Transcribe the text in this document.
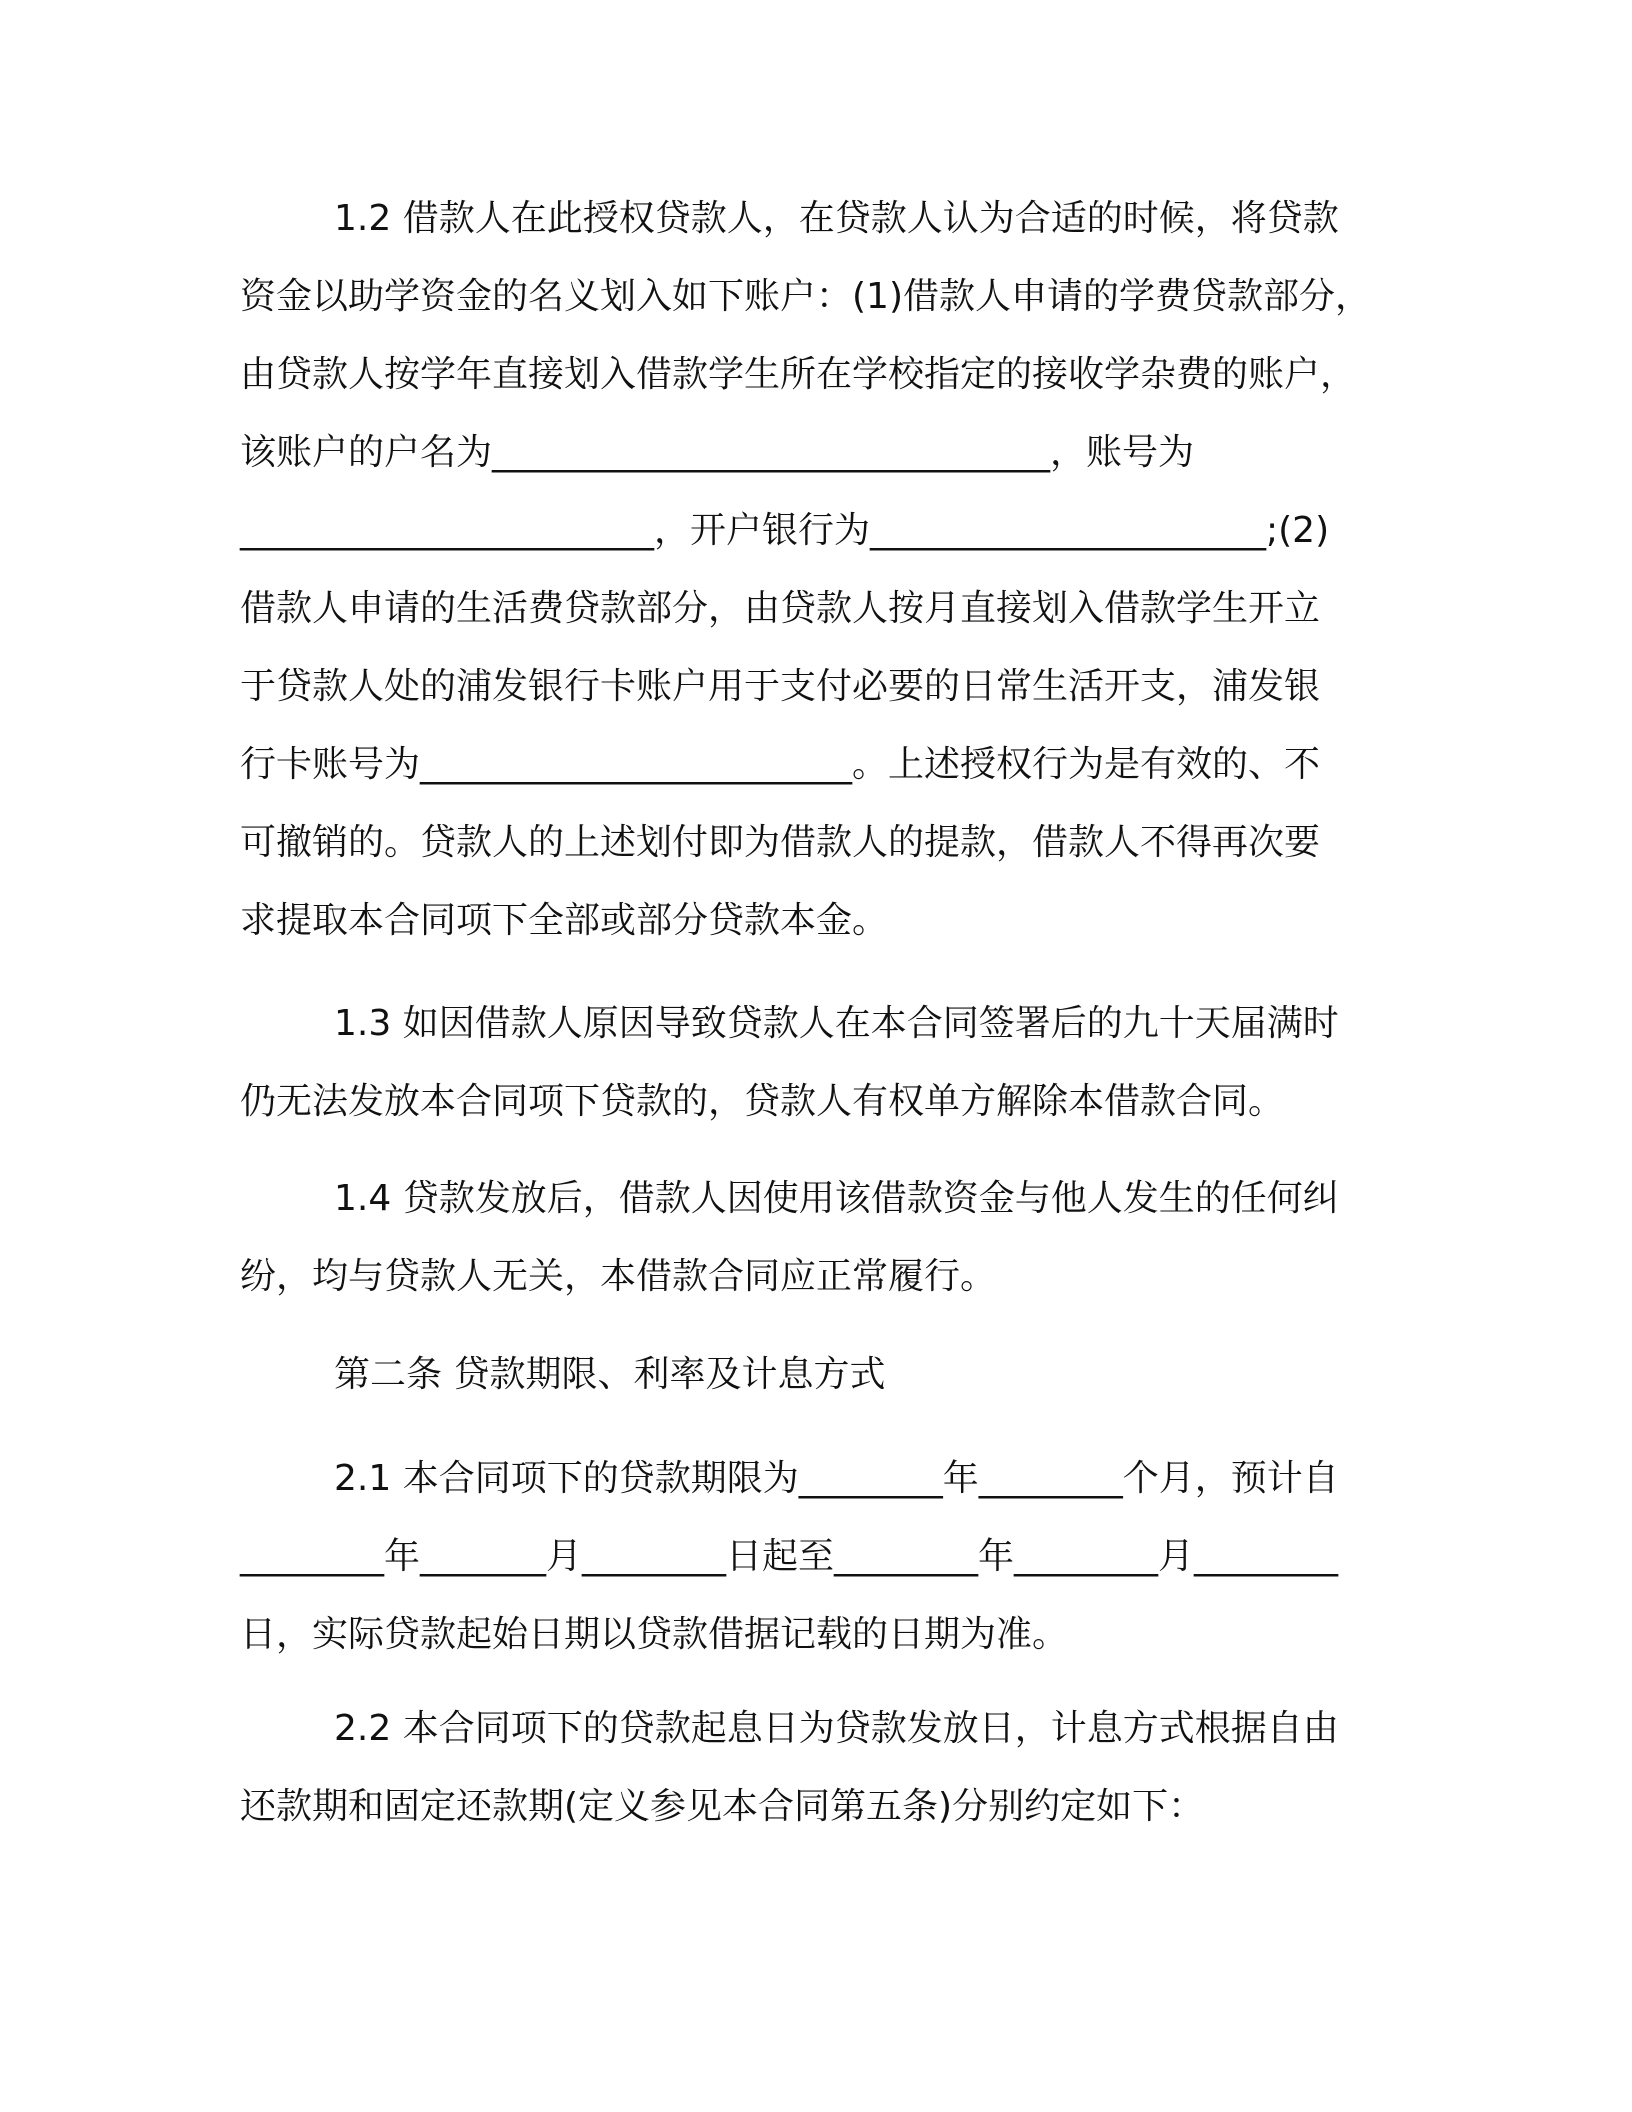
1.2 借款人在此授权贷款人，在贷款人认为合适的时候，将贷款
资金以助学资金的名义划入如下账户：(1)借款人申请的学费贷款部分，
由贷款人按学年直接划入借款学生所在学校指定的接收学杂费的账户，
该账户的户名为_______________________________，账号为
_______________________，开户银行为______________________;(2)
借款人申请的生活费贷款部分，由贷款人按月直接划入借款学生开立
于贷款人处的浦发银行卡账户用于支付必要的日常生活开支，浦发银
行卡账号为________________________。上述授权行为是有效的、不
可撤销的。贷款人的上述划付即为借款人的提款，借款人不得再次要
求提取本合同项下全部或部分贷款本金。
1.3 如因借款人原因导致贷款人在本合同签署后的九十天届满时
仍无法发放本合同项下贷款的，贷款人有权单方解除本借款合同。
1.4 贷款发放后，借款人因使用该借款资金与他人发生的任何纠
纷，均与贷款人无关，本借款合同应正常履行。
第二条 贷款期限、利率及计息方式
2.1 本合同项下的贷款期限为________年________个月，预计自
________年_______月________日起至________年________月________
日，实际贷款起始日期以贷款借据记载的日期为准。
2.2 本合同项下的贷款起息日为贷款发放日，计息方式根据自由
还款期和固定还款期(定义参见本合同第五条)分别约定如下：
